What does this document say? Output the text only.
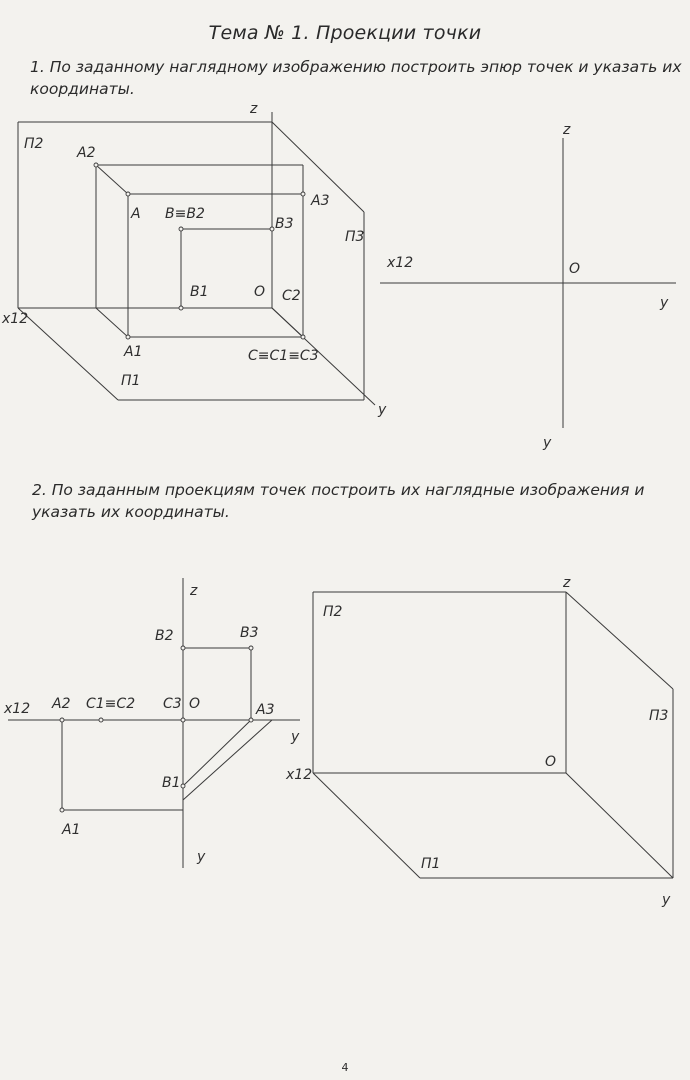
Тема № 1. Проекции точки
1. По заданному наглядному изображению построить эпюр точек и указать их
координаты.
2. По заданным проекциям точек построить их наглядные изображения и
указать их координаты.
z
П2
A2
A3
A B≡B2
B3
П3
B1	O C2
x12
A1	C≡C1≡C3
П1
y
z
x12	O
y
y
z
B2	B3
x12 A2 C1≡C2 C3 O	A3
y
B1
A1
y
z
П2
П3
O
x12
П1
y
4
